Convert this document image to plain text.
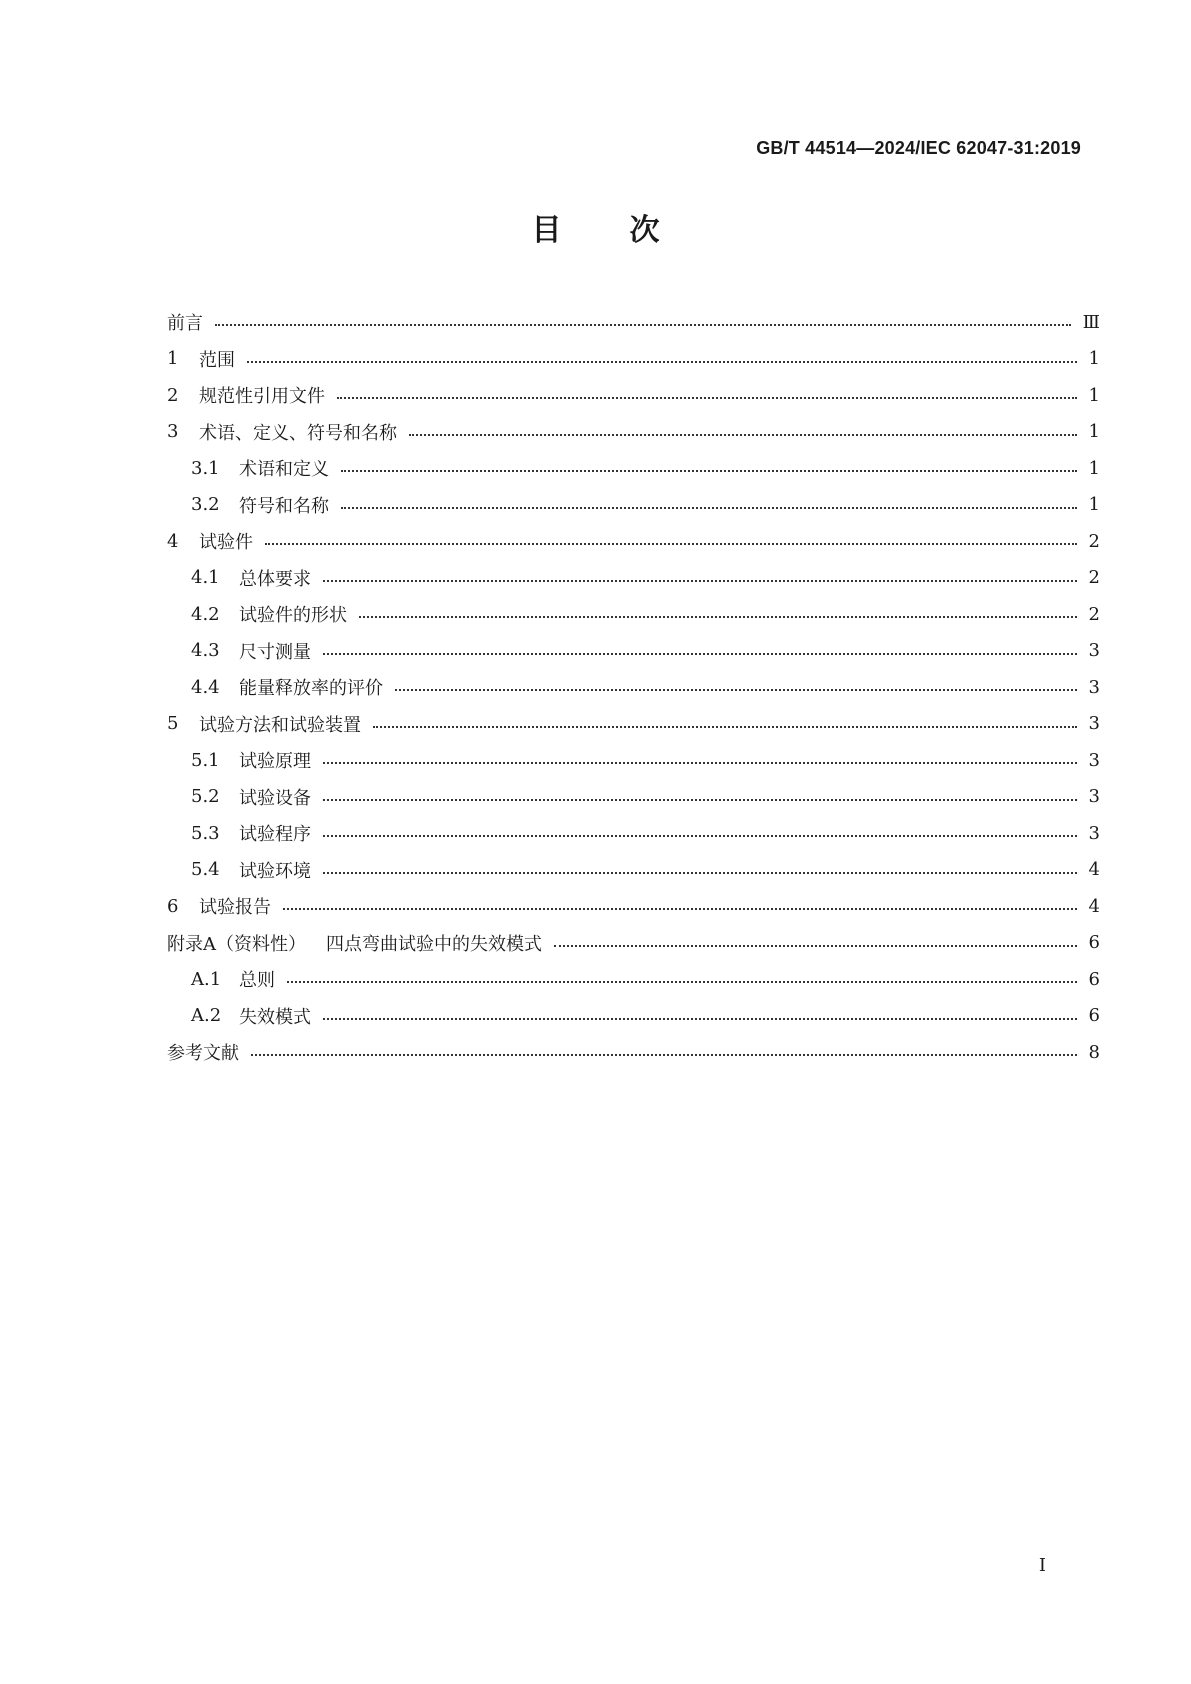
GB/T 44514—2024/IEC 62047-31:2019
目 次
前言	Ⅲ
1	范围	1
2	规范性引用文件	1
3	术语、定义、符号和名称	1
3.1	术语和定义	1
3.2	符号和名称	1
4	试验件	2
4.1	总体要求	2
4.2	试验件的形状	2
4.3	尺寸测量	3
4.4	能量释放率的评价	3
5	试验方法和试验装置	3
5.1	试验原理	3
5.2	试验设备	3
5.3	试验程序	3
5.4	试验环境	4
6	试验报告	4
附录A（资料性） 四点弯曲试验中的失效模式	6
A.1 总则	6
A.2 失效模式	6
参考文献	8
I
